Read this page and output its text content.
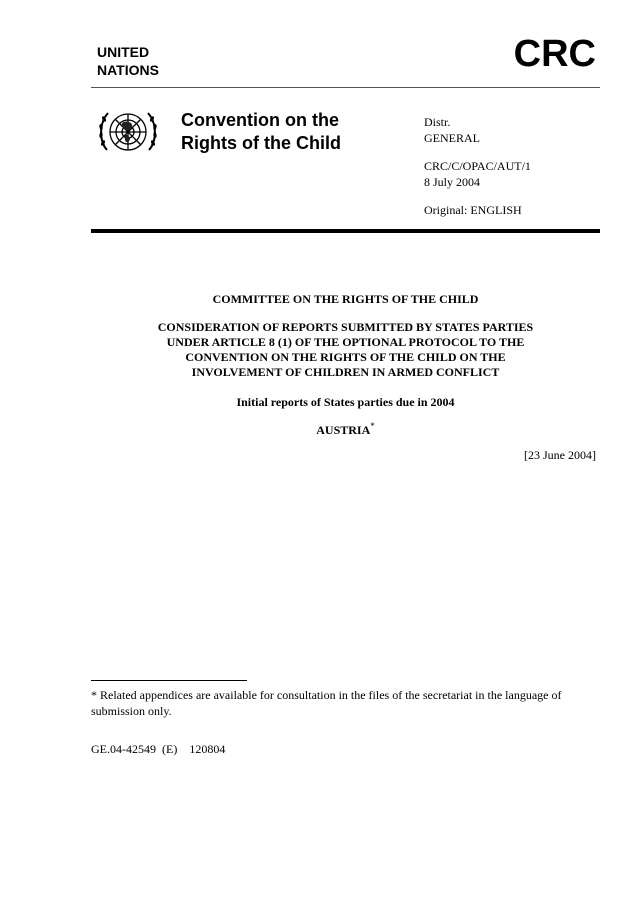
UNITED
NATIONS	CRC
Convention on the
Rights of the Child
Distr.
GENERAL
CRC/C/OPAC/AUT/1
8 July 2004
Original: ENGLISH
COMMITTEE ON THE RIGHTS OF THE CHILD
CONSIDERATION OF REPORTS SUBMITTED BY STATES PARTIES
UNDER ARTICLE 8 (1) OF THE OPTIONAL PROTOCOL TO THE
CONVENTION ON THE RIGHTS OF THE CHILD ON THE
INVOLVEMENT OF CHILDREN IN ARMED CONFLICT
Initial reports of States parties due in 2004
AUSTRIA*
[23 June 2004]
* Related appendices are available for consultation in the files of the secretariat in the language of submission only.
GE.04-42549  (E)    120804
